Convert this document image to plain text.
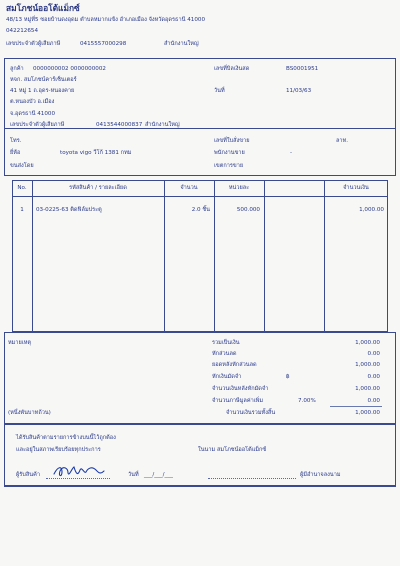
สมโภชน์ออโต้แม็กซ์
48/13 หมู่ที่5 ซอยบ้านดงอุดม ตำบลหมากแข้ง อำเภอเมือง จังหวัดอุดรธานี 41000
042212654
เลขประจำตัวผู้เสียภาษี	0415557000298	สำนักงานใหญ่
ลูกค้า 0000000002 0000000002
หจก. สมโภชน์คาร์เซ็นเตอร์
41 หมู่ 1 ถ.อุดร-หนองคาย
ต.หนองบัว อ.เมือง
จ.อุดรธานี 41000
เลขประจำตัวผู้เสียภาษี	0413544000837 สำนักงานใหญ่
เลขที่บิลเงินสด	BS0001951
วันที่	11/03/63
โทร.
ยี่ห้อ	toyota vigo วีโก้ 1381 กทม
ขนส่งโดย
เลขที่ใบสั่งขาย	ลาท.
พนักงานขาย	-
เขตการขาย
No.	รหัสสินค้า / รายละเอียด	จำนวน	หน่วยละ	จำนวนเงิน
1	03-0225-63 ติดฟิล์มประตู	2.0 ชิ้น	500.000	1,000.00
หมายเหตุ	รวมเป็นเงิน	1,000.00
หักส่วนลด	0.00
ยอดหลังหักส่วนลด	1,000.00
หักเงินมัดจำ	฿	0.00
จำนวนเงินหลังหักมัดจำ	1,000.00
จำนวนภาษีมูลค่าเพิ่ม	7.00%	0.00
(หนึ่งพันบาทถ้วน)	จำนวนเงินรวมทั้งสิ้น	1,000.00
ได้รับสินค้าตามรายการข้างบนนี้ไว้ถูกต้อง
และอยู่ในสภาพเรียบร้อยทุกประการ	ในนาม สมโภชน์ออโต้แม็กซ์
ผู้รับสินค้า	วันที่ ___/___/___	ผู้มีอำนาจลงนาม
